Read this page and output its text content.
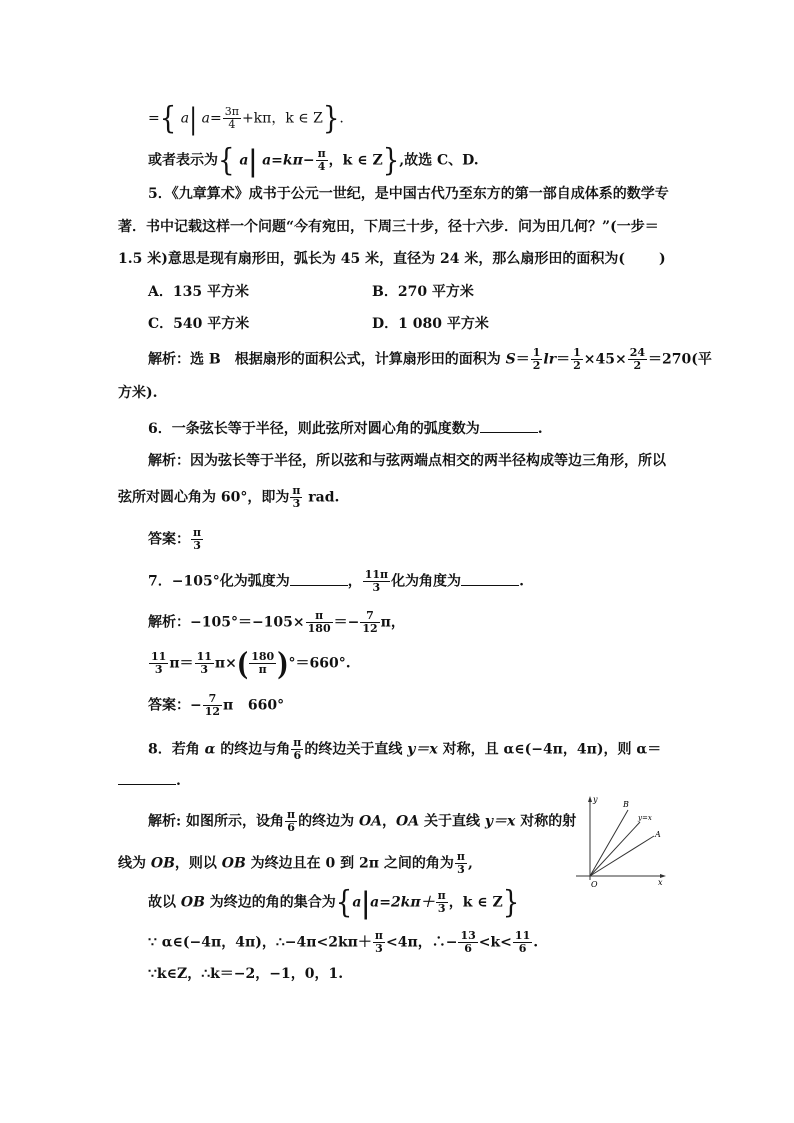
={ a| $a= \frac{3\pi}{4} +k\pi$，k ∈ Z}.
或者表示为{ a| $a=k\pi- \frac{\pi}{4}$ ，k ∈ Z},故选 C、D.
5．《九章算术》成书于公元一世纪，是中国古代乃至东方的第一部自成体系的数学专
著．书中记载这样一个问题“今有宛田，下周三十步，径十六步．问为田几何？”(一步＝
1.5 米)意思是现有扇形田，弧长为 45 米，直径为 24 米，那么扇形田的面积为( )
A．135 平方米	B．270 平方米
C．540 平方米	D．1 080 平方米
解析：选 B　根据扇形的面积公式，计算扇形田的面积为 $S= \frac{1}{2} lr= \frac{1}{2} \times 45\times \frac{24}{2} =270$(平
方米).
6．一条弦长等于半径，则此弦所对圆心角的弧度数为	.
解析：因为弦长等于半径，所以弦和与弦两端点相交的两半径构成等边三角形，所以
弦所对圆心角为 60°，即为 $\frac{\pi}{3}$ rad.
答案： $\frac{\pi}{3}$
7．−105°化为弧度为	， $\frac{11\pi}{3}$ 化为角度为	.
解析：$-105^\circ=-105\times \frac{\pi}{180} =- \frac{7}{12}$ π，
$\frac{11}{3} \pi= \frac{11}{3} \pi\times( \frac{180}{\pi} )^\circ=660^\circ$.
答案：− $\frac{7}{12}$ π 660°
8．若角 α 的终边与角 $\frac{\pi}{6}$ 的终边关于直线 y＝x 对称，且 α∈(−4π，4π)，则 α＝
.
解析: 如图所示，设角 $\frac{\pi}{6}$ 的终边为 OA，OA 关于直线 y＝x 对称的射
线为 OB，则以 OB 为终边且在 0 到 2π 之间的角为 $\frac{\pi}{3}$ ,
故以 OB 为终边的角的集合为{$a|a=2k\pi+ \frac{\pi}{3}$ ，k ∈ Z}
∵ α∈(−4π，4π)，∴−4π<2kπ＋ $\frac{\pi}{3} <4\pi$，∴− $\frac{13}{6} <k< \frac{11}{6}$ .
∵k∈Z，∴k＝−2，−1，0，1.
y
B
y=x
A
O	x
